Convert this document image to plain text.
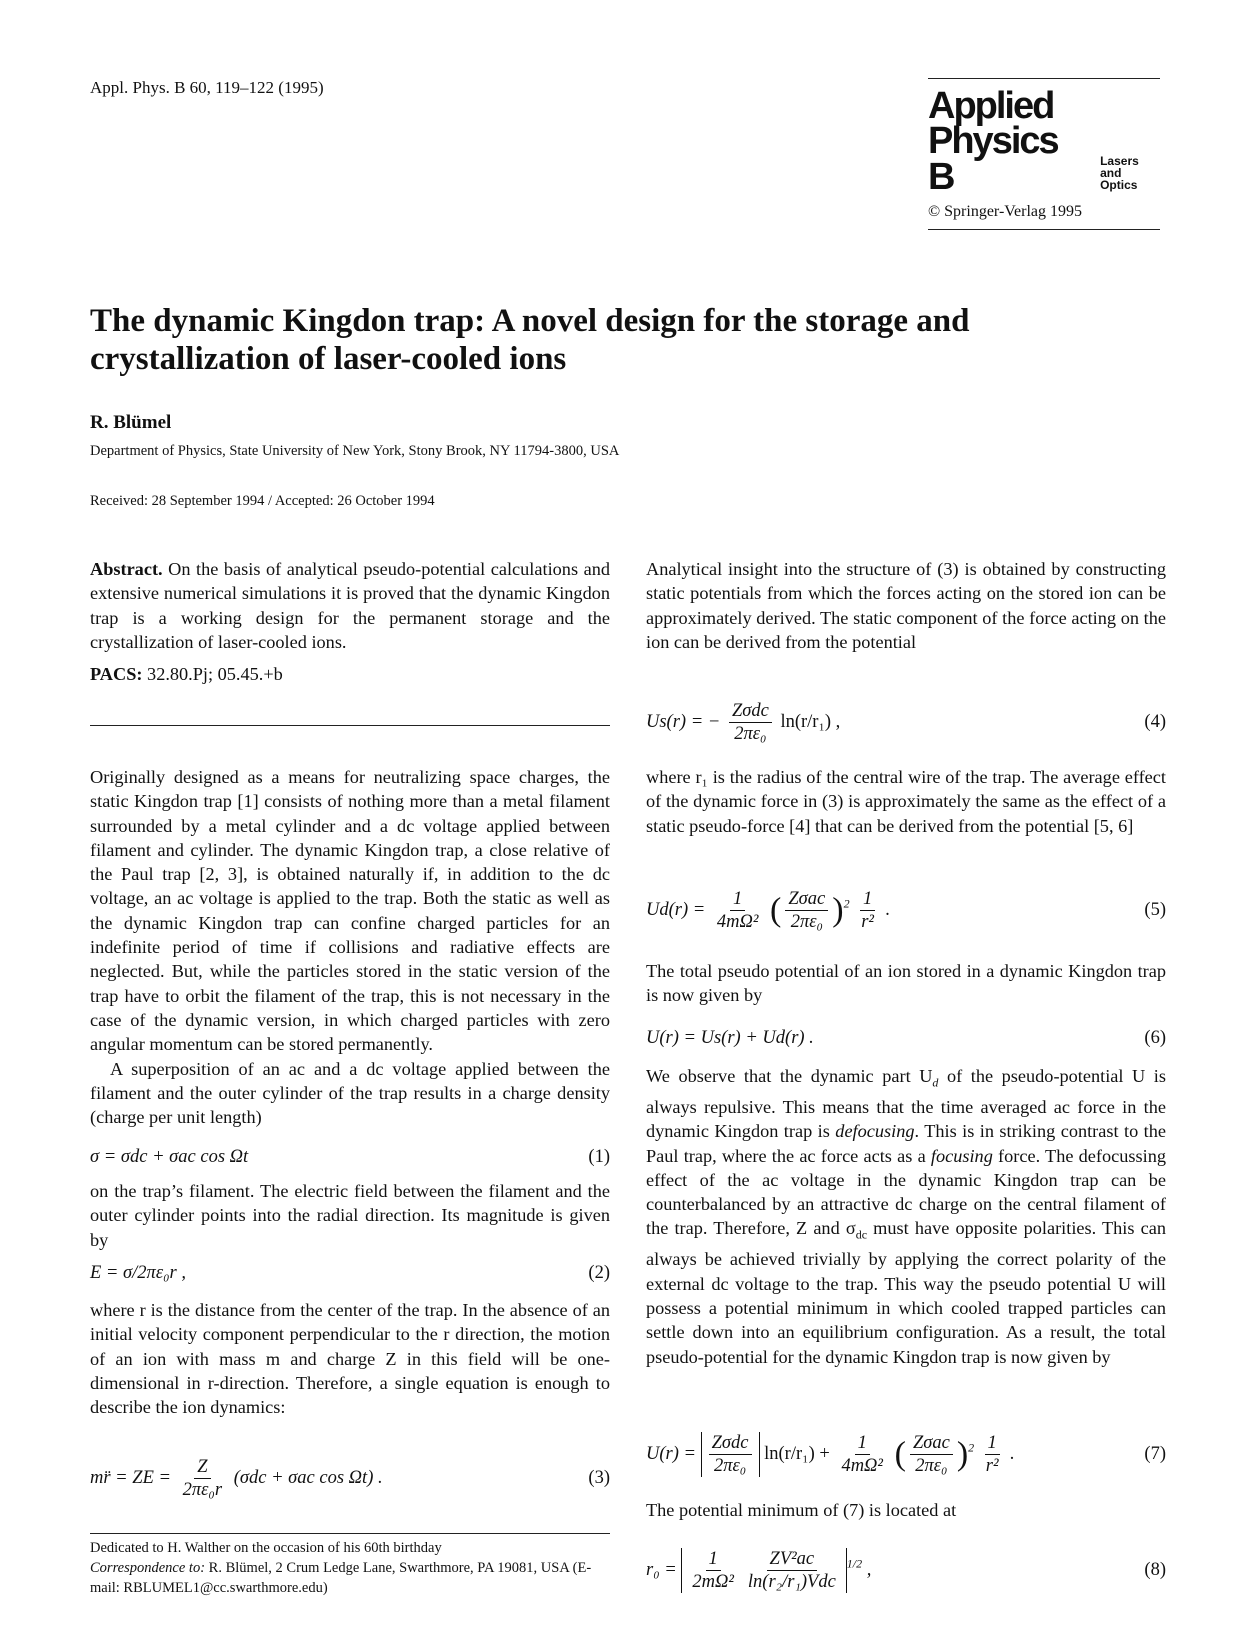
Appl. Phys. B 60, 119–122 (1995)	Applied
Physics B	Lasers
and Optics
© Springer-Verlag 1995
The dynamic Kingdon trap: A novel design for the storage and crystallization of laser-cooled ions
R. Blümel
Department of Physics, State University of New York, Stony Brook, NY 11794-3800, USA
Received: 28 September 1994 / Accepted: 26 October 1994

Abstract. On the basis of analytical pseudo-potential calculations and extensive numerical simulations it is proved that the dynamic Kingdon trap is a working design for the permanent storage and the crystallization of laser-cooled ions.

PACS: 32.80.Pj; 05.45.+b

Originally designed as a means for neutralizing space charges, the static Kingdon trap [1] consists of nothing more than a metal filament surrounded by a metal cylinder and a dc voltage applied between filament and cylinder. The dynamic Kingdon trap, a close relative of the Paul trap [2, 3], is obtained naturally if, in addition to the dc voltage, an ac voltage is applied to the trap. Both the static as well as the dynamic Kingdon trap can confine charged particles for an indefinite period of time if collisions and radiative effects are neglected. But, while the particles stored in the static version of the trap have to orbit the filament of the trap, this is not necessary in the case of the dynamic version, in which charged particles with zero angular momentum can be stored permanently.

A superposition of an ac and a dc voltage applied between the filament and the outer cylinder of the trap results in a charge density (charge per unit length)

σ = σdc + σac cos Ωt	(1)

on the trap’s filament. The electric field between the filament and the outer cylinder points into the radial direction. Its magnitude is given by

E = σ/2πε₀r ,	(2)

where r is the distance from the center of the trap. In the absence of an initial velocity component perpendicular to the r direction, the motion of an ion with mass m and charge Z in this field will be one-dimensional in r-direction. Therefore, a single equation is enough to describe the ion dynamics:

mr̈ = ZE = $\frac{Z}{\text{2πε₀r}} (\sigma dc + \sigma ac$ cos Ωt) .	(3)
Dedicated to H. Walther on the occasion of his 60th birthday
Correspondence to: R. Blümel, 2 Crum Ledge Lane, Swarthmore, PA 19081, USA (E-mail: RBLUMEL1@cc.swarthmore.edu)

Analytical insight into the structure of (3) is obtained by constructing static potentials from which the forces acting on the stored ion can be approximately derived. The static component of the force acting on the ion can be derived from the potential

Us(r) = − $\frac{\text{Zσdc}}{\text{2πε₀}} \ln(r/r_1)$ ,	(4)

where r₁ is the radius of the central wire of the trap. The average effect of the dynamic force in (3) is approximately the same as the effect of a static pseudo-force [4] that can be derived from the potential [5, 6]

$Ud(r) = \frac{1}{\text{4mΩ²}}$ ( $\frac{\text{Zσac}}{\text{2πε₀}} )^2 \frac{1}{\text{r²}}$ .	(5)

The total pseudo potential of an ion stored in a dynamic Kingdon trap is now given by

U(r) = Us(r) + Ud(r) .	(6)

We observe that the dynamic part $U_d$ of the pseudo-potential U is always repulsive. This means that the time averaged ac force in the dynamic Kingdon trap is defocusing. This is in striking contrast to the Paul trap, where the ac force acts as a focusing force. The defocussing effect of the ac voltage in the dynamic Kingdon trap can be counterbalanced by an attractive dc charge on the central filament of the trap. Therefore, Z and $\sigma_{dc}$ must have opposite polarities. This can always be achieved trivially by applying the correct polarity of the external dc voltage to the trap. This way the pseudo potential U will possess a potential minimum in which cooled trapped particles can settle down into an equilibrium configuration. As a result, the total pseudo-potential for the dynamic Kingdon trap is now given by

$U(r) = \frac{\text{Zσdc}}{\text{2πε₀}} \ln(r/r_1) + \frac{1}{\text{4mΩ²}}$ ( $\frac{\text{Zσac}}{\text{2πε₀}} )^2 \frac{1}{\text{r²}}$ .	(7)

The potential minimum of (7) is located at

$r_0 = \frac{1}{\text{2mΩ²}} \frac{\text{ZV²ac}}{\text{ln(r₂/r₁)Vdc}} ^{1/2}$ ,	(8)
